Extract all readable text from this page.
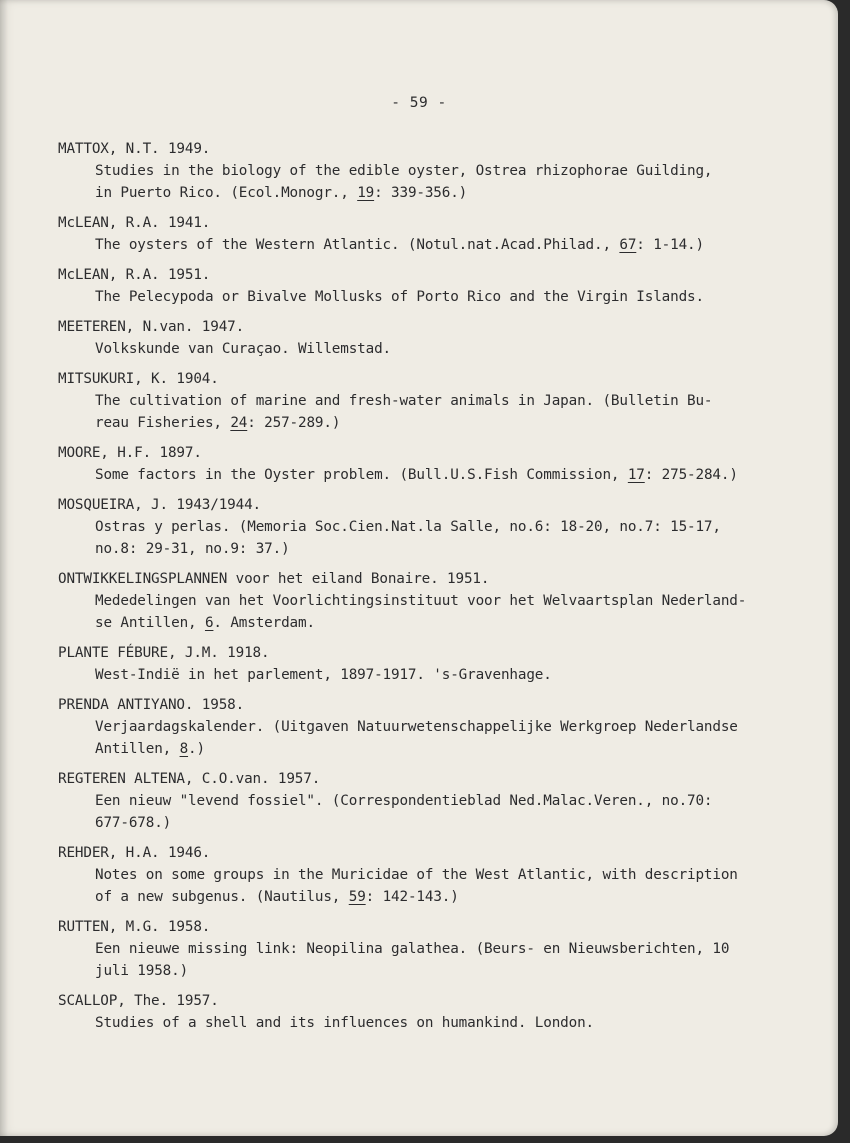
- 59 -
MATTOX, N.T. 1949.
Studies in the biology of the edible oyster, Ostrea rhizophorae Guilding,
in Puerto Rico. (Ecol.Monogr., 19: 339-356.)
McLEAN, R.A. 1941.
The oysters of the Western Atlantic. (Notul.nat.Acad.Philad., 67: 1-14.)
McLEAN, R.A. 1951.
The Pelecypoda or Bivalve Mollusks of Porto Rico and the Virgin Islands.
MEETEREN, N.van. 1947.
Volkskunde van Curaçao. Willemstad.
MITSUKURI, K. 1904.
The cultivation of marine and fresh-water animals in Japan. (Bulletin Bu-
reau Fisheries, 24: 257-289.)
MOORE, H.F. 1897.
Some factors in the Oyster problem. (Bull.U.S.Fish Commission, 17: 275-284.)
MOSQUEIRA, J. 1943/1944.
Ostras y perlas. (Memoria Soc.Cien.Nat.la Salle, no.6: 18-20, no.7: 15-17,
no.8: 29-31, no.9: 37.)
ONTWIKKELINGSPLANNEN voor het eiland Bonaire. 1951.
Mededelingen van het Voorlichtingsinstituut voor het Welvaartsplan Nederland-
se Antillen, 6. Amsterdam.
PLANTE FÉBURE, J.M. 1918.
West-Indië in het parlement, 1897-1917. 's-Gravenhage.
PRENDA ANTIYANO. 1958.
Verjaardagskalender. (Uitgaven Natuurwetenschappelijke Werkgroep Nederlandse
Antillen, 8.)
REGTEREN ALTENA, C.O.van. 1957.
Een nieuw "levend fossiel". (Correspondentieblad Ned.Malac.Veren., no.70:
677-678.)
REHDER, H.A. 1946.
Notes on some groups in the Muricidae of the West Atlantic, with description
of a new subgenus. (Nautilus, 59: 142-143.)
RUTTEN, M.G. 1958.
Een nieuwe missing link: Neopilina galathea. (Beurs- en Nieuwsberichten, 10
juli 1958.)
SCALLOP, The. 1957.
Studies of a shell and its influences on humankind. London.
